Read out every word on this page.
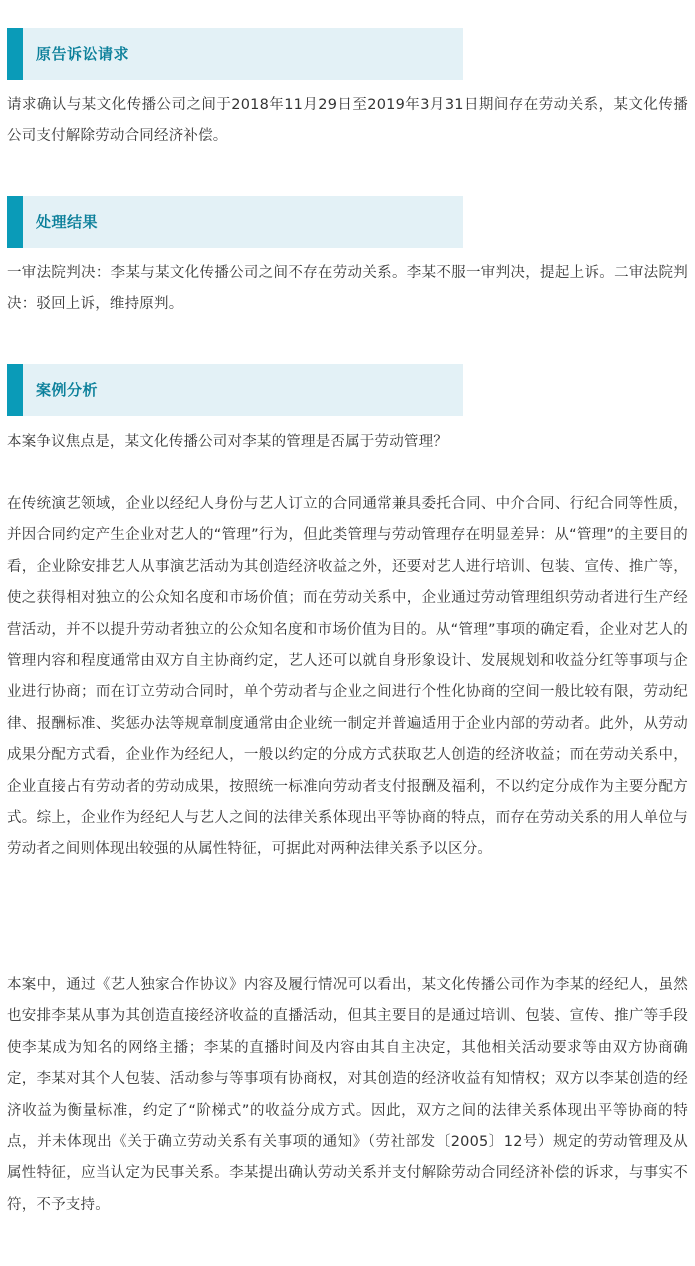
原告诉讼请求

请求确认与某文化传播公司之间于2018年11月29日至2019年3月31日期间存在劳动关系，某文化传播公司支付解除劳动合同经济补偿。

处理结果

一审法院判决：李某与某文化传播公司之间不存在劳动关系。李某不服一审判决，提起上诉。二审法院判决：驳回上诉，维持原判。

案例分析

本案争议焦点是，某文化传播公司对李某的管理是否属于劳动管理？

在传统演艺领域，企业以经纪人身份与艺人订立的合同通常兼具委托合同、中介合同、行纪合同等性质，并因合同约定产生企业对艺人的“管理”行为，但此类管理与劳动管理存在明显差异：从“管理”的主要目的看，企业除安排艺人从事演艺活动为其创造经济收益之外，还要对艺人进行培训、包装、宣传、推广等，使之获得相对独立的公众知名度和市场价值；而在劳动关系中，企业通过劳动管理组织劳动者进行生产经营活动，并不以提升劳动者独立的公众知名度和市场价值为目的。从“管理”事项的确定看，企业对艺人的管理内容和程度通常由双方自主协商约定，艺人还可以就自身形象设计、发展规划和收益分红等事项与企业进行协商；而在订立劳动合同时，单个劳动者与企业之间进行个性化协商的空间一般比较有限，劳动纪律、报酬标准、奖惩办法等规章制度通常由企业统一制定并普遍适用于企业内部的劳动者。此外，从劳动成果分配方式看，企业作为经纪人，一般以约定的分成方式获取艺人创造的经济收益；而在劳动关系中，企业直接占有劳动者的劳动成果，按照统一标准向劳动者支付报酬及福利，不以约定分成作为主要分配方式。综上，企业作为经纪人与艺人之间的法律关系体现出平等协商的特点，而存在劳动关系的用人单位与劳动者之间则体现出较强的从属性特征，可据此对两种法律关系予以区分。

本案中，通过《艺人独家合作协议》内容及履行情况可以看出，某文化传播公司作为李某的经纪人，虽然也安排李某从事为其创造直接经济收益的直播活动，但其主要目的是通过培训、包装、宣传、推广等手段使李某成为知名的网络主播；李某的直播时间及内容由其自主决定，其他相关活动要求等由双方协商确定，李某对其个人包装、活动参与等事项有协商权，对其创造的经济收益有知情权；双方以李某创造的经济收益为衡量标准，约定了“阶梯式”的收益分成方式。因此，双方之间的法律关系体现出平等协商的特点，并未体现出《关于确立劳动关系有关事项的通知》（劳社部发〔2005〕12号）规定的劳动管理及从属性特征，应当认定为民事关系。李某提出确认劳动关系并支付解除劳动合同经济补偿的诉求，与事实不符，不予支持。
